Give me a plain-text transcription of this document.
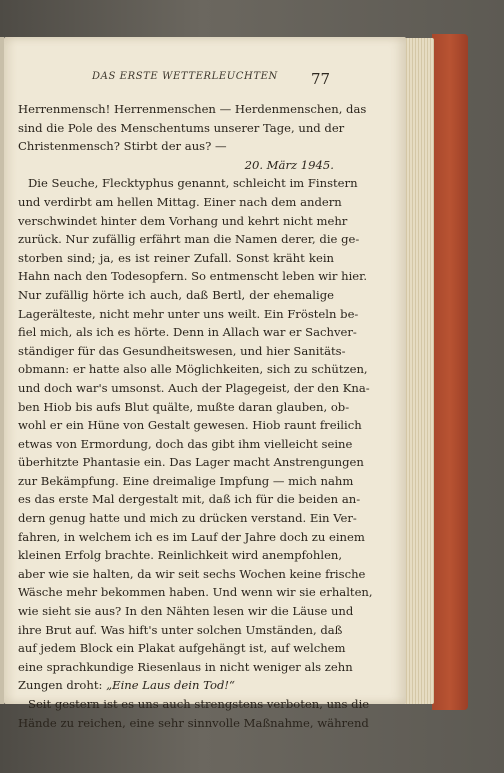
DAS ERSTE WETTERLEUCHTEN 77
Herrenmensch! Herrenmenschen — Herdenmenschen, das
sind die Pole des Menschentums unserer Tage, und der
Christenmensch? Stirbt der aus? —
20. März 1945.
Die Seuche, Flecktyphus genannt, schleicht im Finstern
und verdirbt am hellen Mittag. Einer nach dem andern
verschwindet hinter dem Vorhang und kehrt nicht mehr
zurück. Nur zufällig erfährt man die Namen derer, die ge-
storben sind; ja, es ist reiner Zufall. Sonst kräht kein
Hahn nach den Todesopfern. So entmenscht leben wir hier.
Nur zufällig hörte ich auch, daß Bertl, der ehemalige
Lagerälteste, nicht mehr unter uns weilt. Ein Frösteln be-
fiel mich, als ich es hörte. Denn in Allach war er Sachver-
ständiger für das Gesundheitswesen, und hier Sanitäts-
obmann: er hatte also alle Möglichkeiten, sich zu schützen,
und doch war's umsonst. Auch der Plagegeist, der den Kna-
ben Hiob bis aufs Blut quälte, mußte daran glauben, ob-
wohl er ein Hüne von Gestalt gewesen. Hiob raunt freilich
etwas von Ermordung, doch das gibt ihm vielleicht seine
überhitzte Phantasie ein. Das Lager macht Anstrengungen
zur Bekämpfung. Eine dreimalige Impfung — mich nahm
es das erste Mal dergestalt mit, daß ich für die beiden an-
dern genug hatte und mich zu drücken verstand. Ein Ver-
fahren, in welchem ich es im Lauf der Jahre doch zu einem
kleinen Erfolg brachte. Reinlichkeit wird anempfohlen,
aber wie sie halten, da wir seit sechs Wochen keine frische
Wäsche mehr bekommen haben. Und wenn wir sie erhalten,
wie sieht sie aus? In den Nähten lesen wir die Läuse und
ihre Brut auf. Was hift's unter solchen Umständen, daß
auf jedem Block ein Plakat aufgehängt ist, auf welchem
eine sprachkundige Riesenlaus in nicht weniger als zehn
Zungen droht: „Eine Laus dein Tod!“
Seit gestern ist es uns auch strengstens verboten, uns die
Hände zu reichen, eine sehr sinnvolle Maßnahme, während
